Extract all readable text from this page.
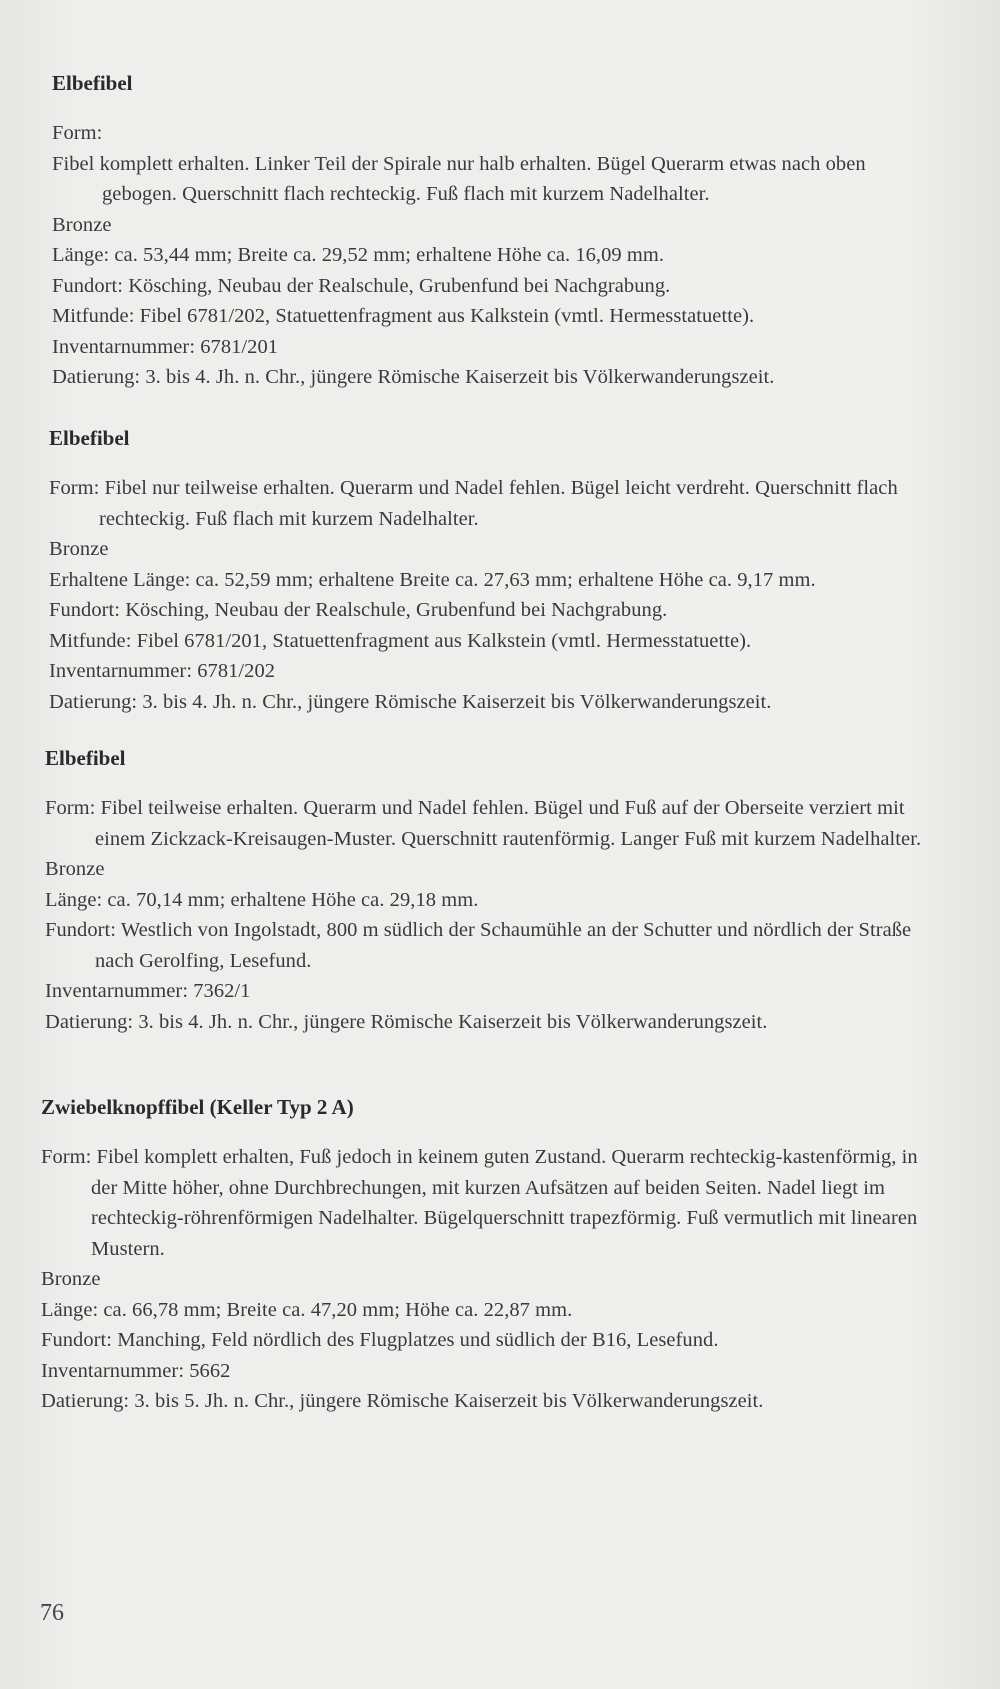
Elbefibel

Form:

Fibel komplett erhalten. Linker Teil der Spirale nur halb erhalten. Bügel Querarm etwas nach oben gebogen. Querschnitt flach rechteckig. Fuß flach mit kurzem Nadelhalter.

Bronze

Länge: ca. 53,44 mm; Breite ca. 29,52 mm; erhaltene Höhe ca. 16,09 mm.

Fundort: Kösching, Neubau der Realschule, Grubenfund bei Nachgrabung.

Mitfunde: Fibel 6781/202, Statuettenfragment aus Kalkstein (vmtl. Hermesstatuette).

Inventarnummer: 6781/201

Datierung: 3. bis 4. Jh. n. Chr., jüngere Römische Kaiserzeit bis Völkerwanderungszeit.

Elbefibel

Form: Fibel nur teilweise erhalten. Querarm und Nadel fehlen. Bügel leicht verdreht. Querschnitt flach rechteckig. Fuß flach mit kurzem Nadelhalter.

Bronze

Erhaltene Länge: ca. 52,59 mm; erhaltene Breite ca. 27,63 mm; erhaltene Höhe ca. 9,17 mm.

Fundort: Kösching, Neubau der Realschule, Grubenfund bei Nachgrabung.

Mitfunde: Fibel 6781/201, Statuettenfragment aus Kalkstein (vmtl. Hermesstatuette).

Inventarnummer: 6781/202

Datierung: 3. bis 4. Jh. n. Chr., jüngere Römische Kaiserzeit bis Völkerwanderungszeit.

Elbefibel

Form: Fibel teilweise erhalten. Querarm und Nadel fehlen. Bügel und Fuß auf der Oberseite verziert mit einem Zickzack-Kreisaugen-Muster. Querschnitt rautenförmig. Langer Fuß mit kurzem Nadelhalter.

Bronze

Länge: ca. 70,14 mm; erhaltene Höhe ca. 29,18 mm.

Fundort: Westlich von Ingolstadt, 800 m südlich der Schaumühle an der Schutter und nördlich der Straße nach Gerolfing, Lesefund.

Inventarnummer: 7362/1

Datierung: 3. bis 4. Jh. n. Chr., jüngere Römische Kaiserzeit bis Völkerwanderungszeit.

Zwiebelknopffibel (Keller Typ 2 A)

Form: Fibel komplett erhalten, Fuß jedoch in keinem guten Zustand. Querarm rechteckig-kastenförmig, in der Mitte höher, ohne Durchbrechungen, mit kurzen Aufsätzen auf beiden Seiten. Nadel liegt im rechteckig-röhrenförmigen Nadelhalter. Bügelquerschnitt trapezförmig. Fuß vermutlich mit linearen Mustern.

Bronze

Länge: ca. 66,78 mm; Breite ca. 47,20 mm; Höhe ca. 22,87 mm.

Fundort: Manching, Feld nördlich des Flugplatzes und südlich der B16, Lesefund.

Inventarnummer: 5662

Datierung: 3. bis 5. Jh. n. Chr., jüngere Römische Kaiserzeit bis Völkerwanderungszeit.

76
